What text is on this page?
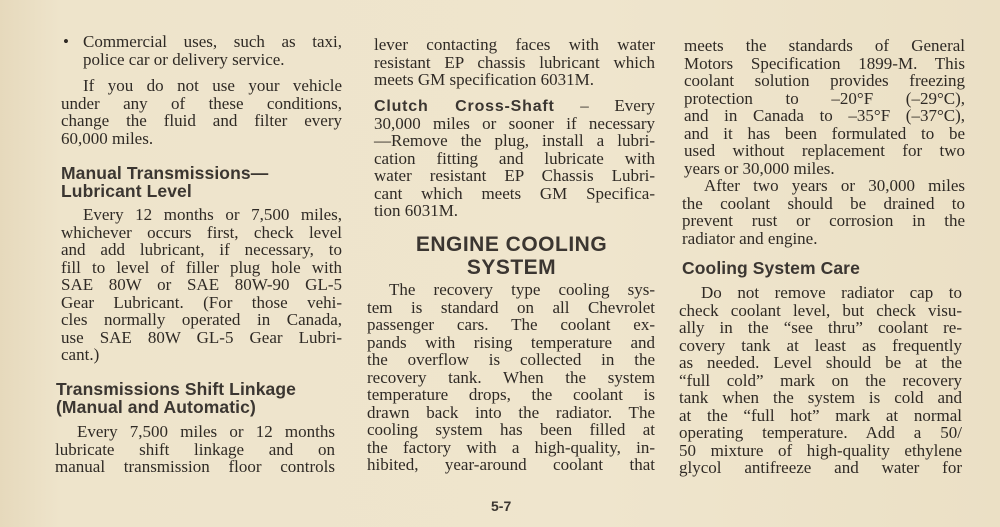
• Commercial uses, such as taxi,
police car or delivery service.
If you do not use your vehicle
under any of these conditions,
change the fluid and filter every
60,000 miles.
Manual Transmissions—
Lubricant Level
Every 12 months or 7,500 miles,
whichever occurs first, check level
and add lubricant, if necessary, to
fill to level of filler plug hole with
SAE 80W or SAE 80W-90 GL-5
Gear Lubricant. (For those vehi-
cles normally operated in Canada,
use SAE 80W GL-5 Gear Lubri-
cant.)
Transmissions Shift Linkage
(Manual and Automatic)
Every 7,500 miles or 12 months
lubricate shift linkage and on
manual transmission floor controls
lever contacting faces with water
resistant EP chassis lubricant which
meets GM specification 6031M.
Clutch Cross-Shaft – Every
30,000 miles or sooner if necessary
—Remove the plug, install a lubri-
cation fitting and lubricate with
water resistant EP Chassis Lubri-
cant which meets GM Specifica-
tion 6031M.
ENGINE COOLING
SYSTEM
The recovery type cooling sys-
tem is standard on all Chevrolet
passenger cars. The coolant ex-
pands with rising temperature and
the overflow is collected in the
recovery tank. When the system
temperature drops, the coolant is
drawn back into the radiator. The
cooling system has been filled at
the factory with a high-quality, in-
hibited, year-around coolant that
5-7
meets the standards of General
Motors Specification 1899-M. This
coolant solution provides freezing
protection to –20°F (–29°C),
and in Canada to –35°F (–37°C),
and it has been formulated to be
used without replacement for two
years or 30,000 miles.
After two years or 30,000 miles
the coolant should be drained to
prevent rust or corrosion in the
radiator and engine.
Cooling System Care
Do not remove radiator cap to
check coolant level, but check visu-
ally in the “see thru” coolant re-
covery tank at least as frequently
as needed. Level should be at the
“full cold” mark on the recovery
tank when the system is cold and
at the “full hot” mark at normal
operating temperature. Add a 50/
50 mixture of high-quality ethylene
glycol antifreeze and water for
